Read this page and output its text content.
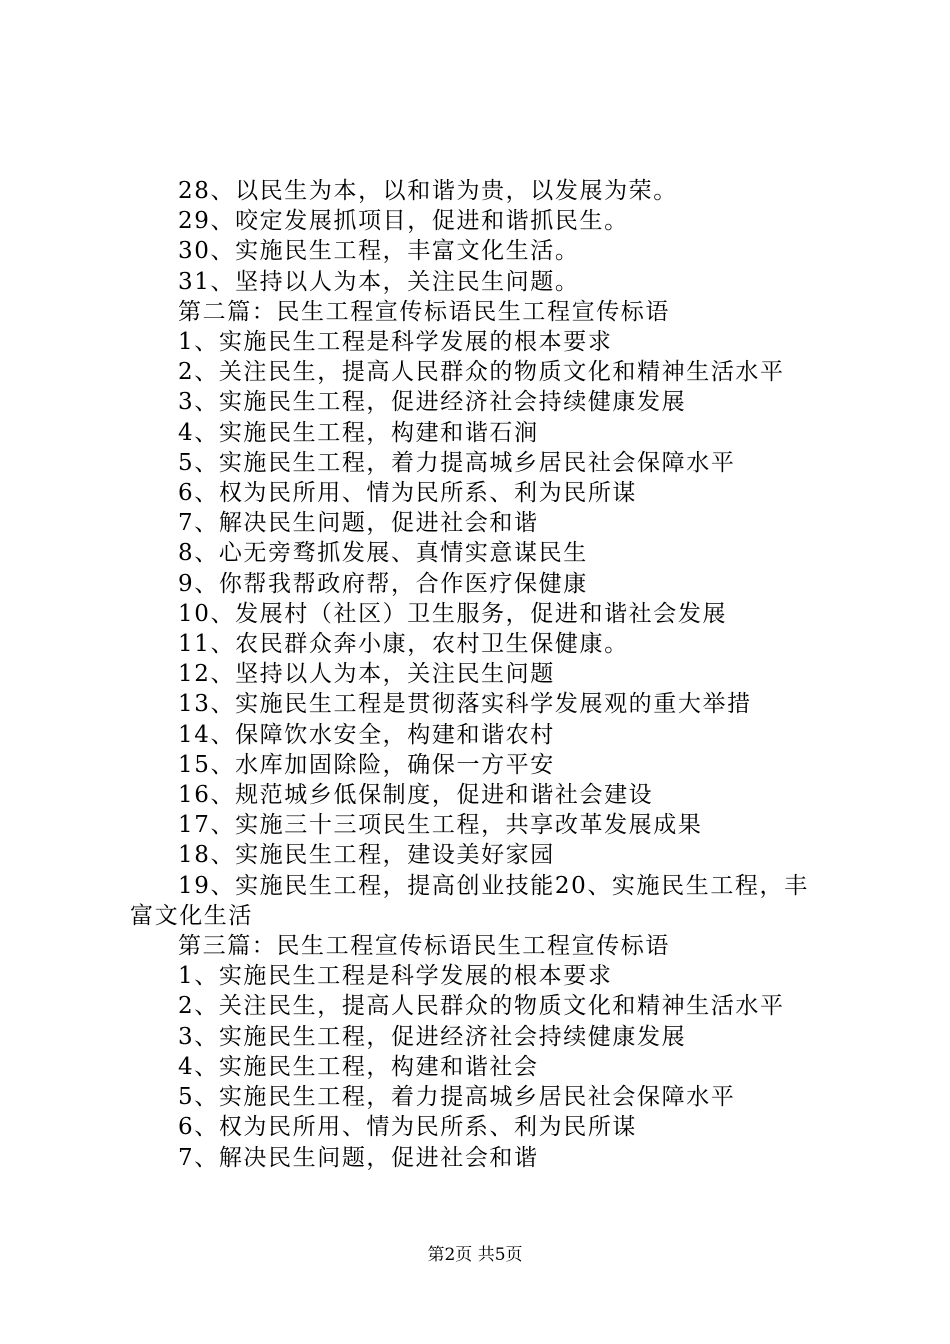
28、以民生为本，以和谐为贵，以发展为荣。
29、咬定发展抓项目，促进和谐抓民生。
30、实施民生工程，丰富文化生活。
31、坚持以人为本，关注民生问题。
第二篇：民生工程宣传标语民生工程宣传标语
1、实施民生工程是科学发展的根本要求
2、关注民生，提高人民群众的物质文化和精神生活水平
3、实施民生工程，促进经济社会持续健康发展
4、实施民生工程，构建和谐石涧
5、实施民生工程，着力提高城乡居民社会保障水平
6、权为民所用、情为民所系、利为民所谋
7、解决民生问题，促进社会和谐
8、心无旁骛抓发展、真情实意谋民生
9、你帮我帮政府帮，合作医疗保健康
10、发展村（社区）卫生服务，促进和谐社会发展
11、农民群众奔小康，农村卫生保健康。
12、坚持以人为本，关注民生问题
13、实施民生工程是贯彻落实科学发展观的重大举措
14、保障饮水安全，构建和谐农村
15、水库加固除险，确保一方平安
16、规范城乡低保制度，促进和谐社会建设
17、实施三十三项民生工程，共享改革发展成果
18、实施民生工程，建设美好家园
19、实施民生工程，提高创业技能20、实施民生工程，丰富文化生活
第三篇：民生工程宣传标语民生工程宣传标语
1、实施民生工程是科学发展的根本要求
2、关注民生，提高人民群众的物质文化和精神生活水平
3、实施民生工程，促进经济社会持续健康发展
4、实施民生工程，构建和谐社会
5、实施民生工程，着力提高城乡居民社会保障水平
6、权为民所用、情为民所系、利为民所谋
7、解决民生问题，促进社会和谐
第2页 共5页
